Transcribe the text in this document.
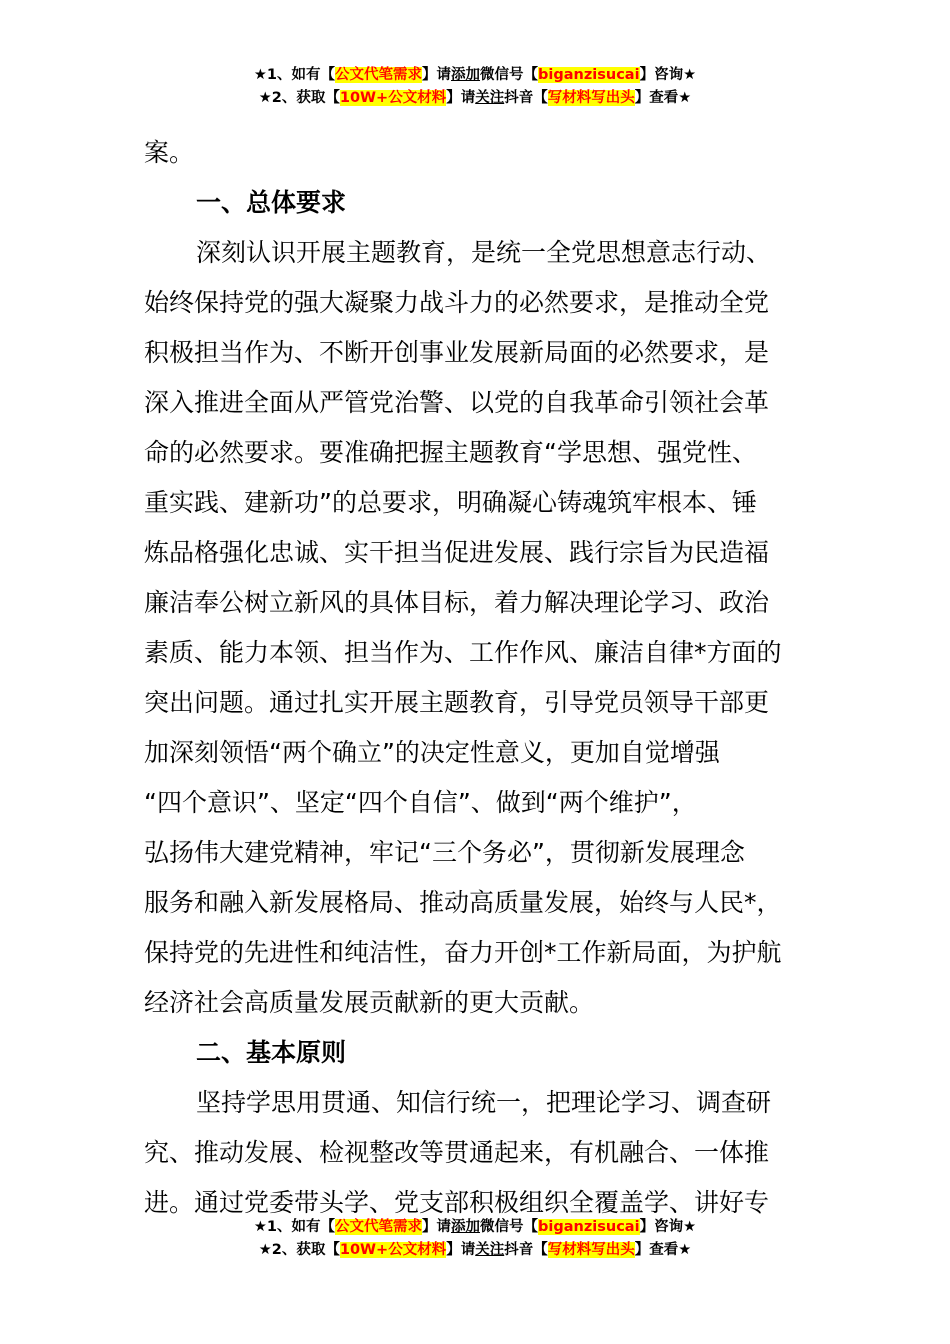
★1、如有【公文代笔需求】请添加微信号【biganzisucai】咨询★
★2、获取【10W+公文材料】请关注抖音【写材料写出头】查看★
案。
一、总体要求
深刻认识开展主题教育，是统一全党思想意志行动、
始终保持党的强大凝聚力战斗力的必然要求，是推动全党
积极担当作为、不断开创事业发展新局面的必然要求，是
深入推进全面从严管党治警、以党的自我革命引领社会革
命的必然要求。要准确把握主题教育“学思想、强党性、
重实践、建新功”的总要求，明确凝心铸魂筑牢根本、锤
炼品格强化忠诚、实干担当促进发展、践行宗旨为民造福
廉洁奉公树立新风的具体目标，着力解决理论学习、政治
素质、能力本领、担当作为、工作作风、廉洁自律*方面的
突出问题。通过扎实开展主题教育，引导党员领导干部更
加深刻领悟“两个确立”的决定性意义，更加自觉增强
“四个意识”、坚定“四个自信”、做到“两个维护”，
弘扬伟大建党精神，牢记“三个务必”，贯彻新发展理念
服务和融入新发展格局、推动高质量发展，始终与人民*，
保持党的先进性和纯洁性，奋力开创*工作新局面，为护航
经济社会高质量发展贡献新的更大贡献。
二、基本原则
坚持学思用贯通、知信行统一，把理论学习、调查研
究、推动发展、检视整改等贯通起来，有机融合、一体推
进。通过党委带头学、党支部积极组织全覆盖学、讲好专
★1、如有【公文代笔需求】请添加微信号【biganzisucai】咨询★
★2、获取【10W+公文材料】请关注抖音【写材料写出头】查看★
